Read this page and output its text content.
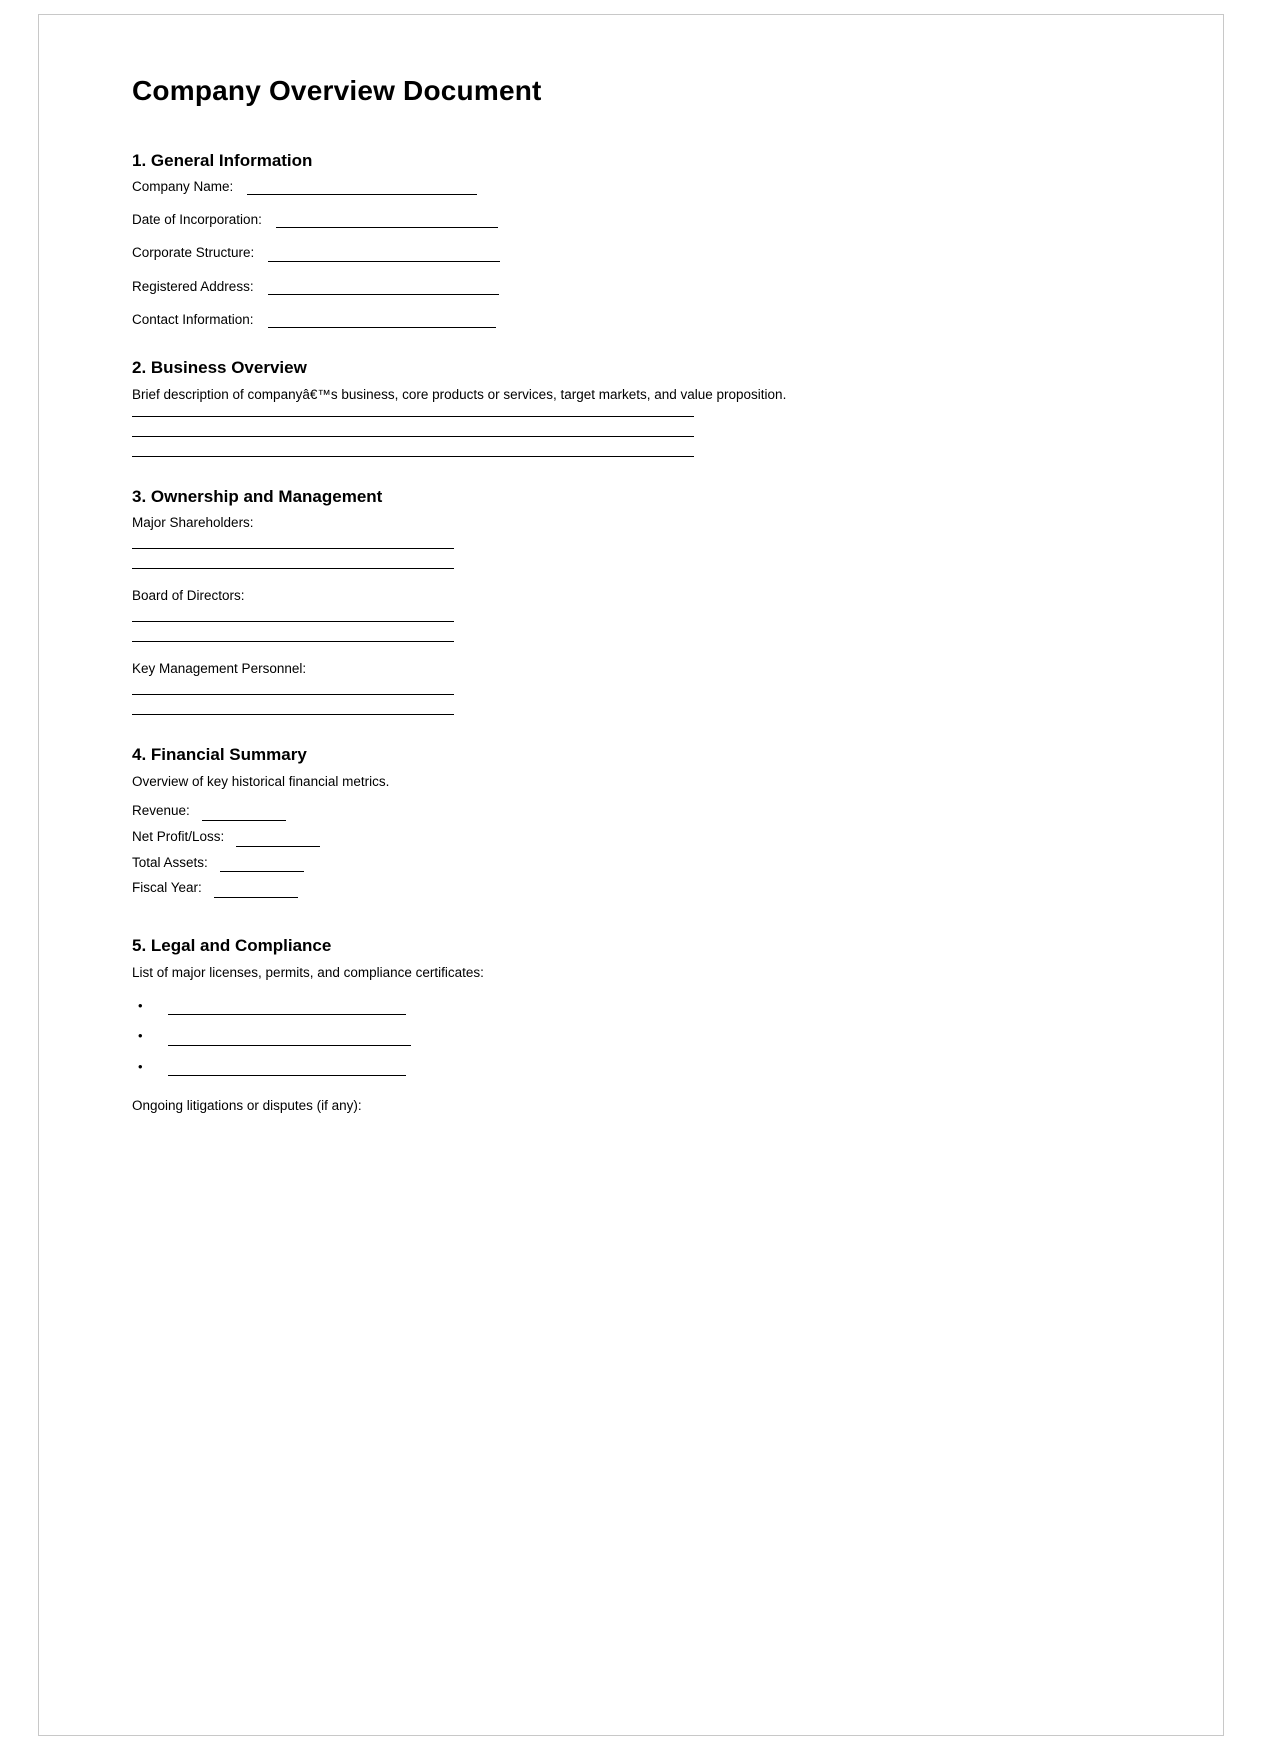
Company Overview Document
1. General Information
Company Name:
Date of Incorporation:
Corporate Structure:
Registered Address:
Contact Information:
2. Business Overview

Brief description of companyâ€™s business, core products or services, target markets, and value proposition.

3. Ownership and Management

Major Shareholders:

Board of Directors:

Key Management Personnel:

4. Financial Summary

Overview of key historical financial metrics.

Revenue:
Net Profit/Loss:
Total Assets:
Fiscal Year:
5. Legal and Compliance

List of major licenses, permits, and compliance certificates:

•
•
•

Ongoing litigations or disputes (if any):
